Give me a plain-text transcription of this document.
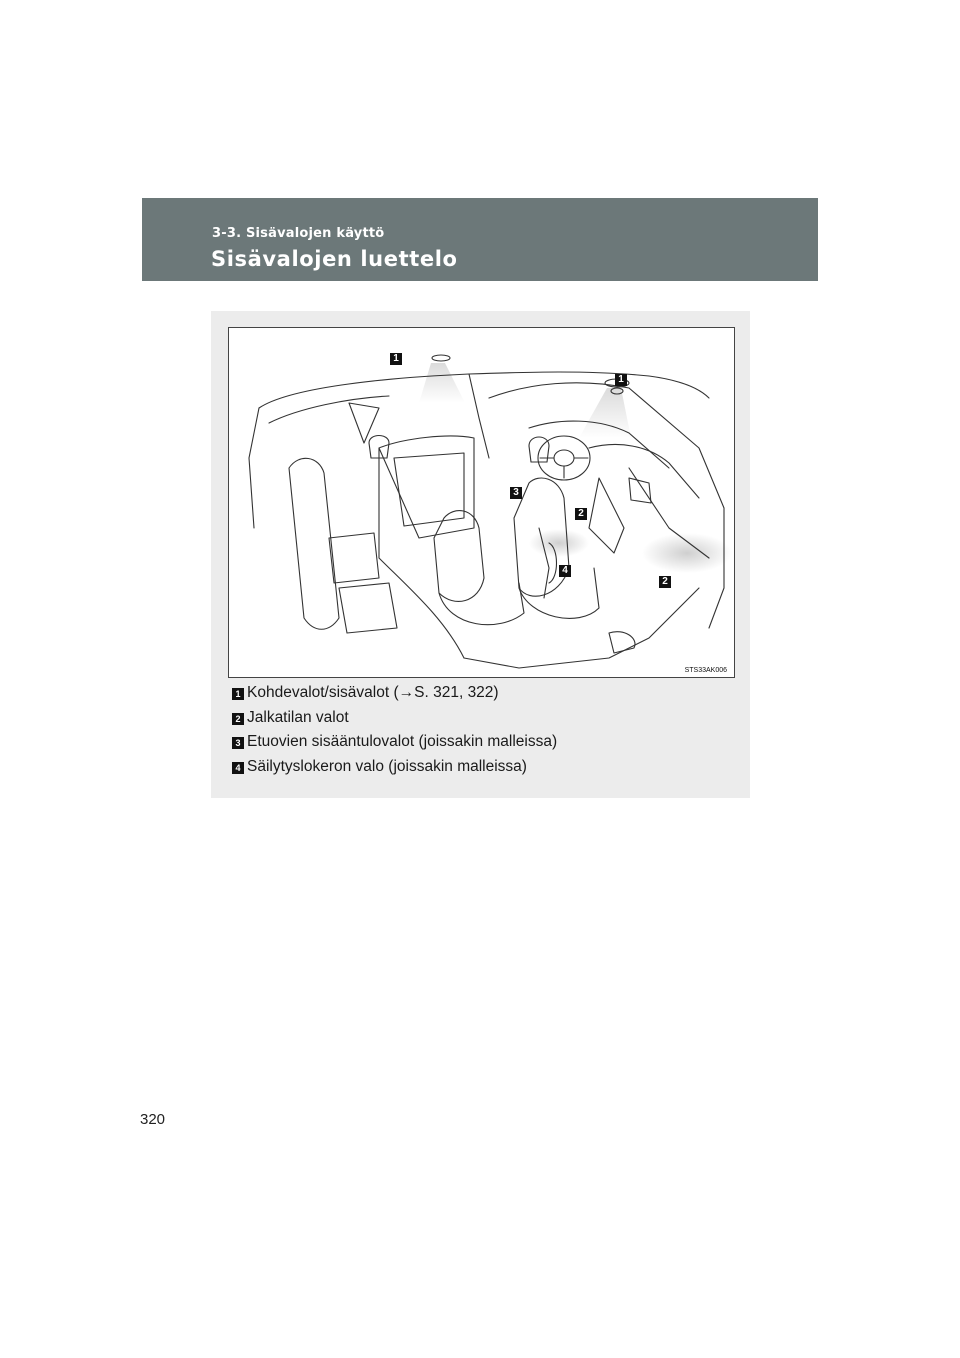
3-3. Sisävalojen käyttö
Sisävalojen luettelo
STS33AK006
1
1
3
2
4
2
1 Kohdevalot/sisävalot (→S. 321, 322)
2 Jalkatilan valot
3 Etuovien sisääntulovalot (joissakin malleissa)
4 Säilytyslokeron valo (joissakin malleissa)
320
